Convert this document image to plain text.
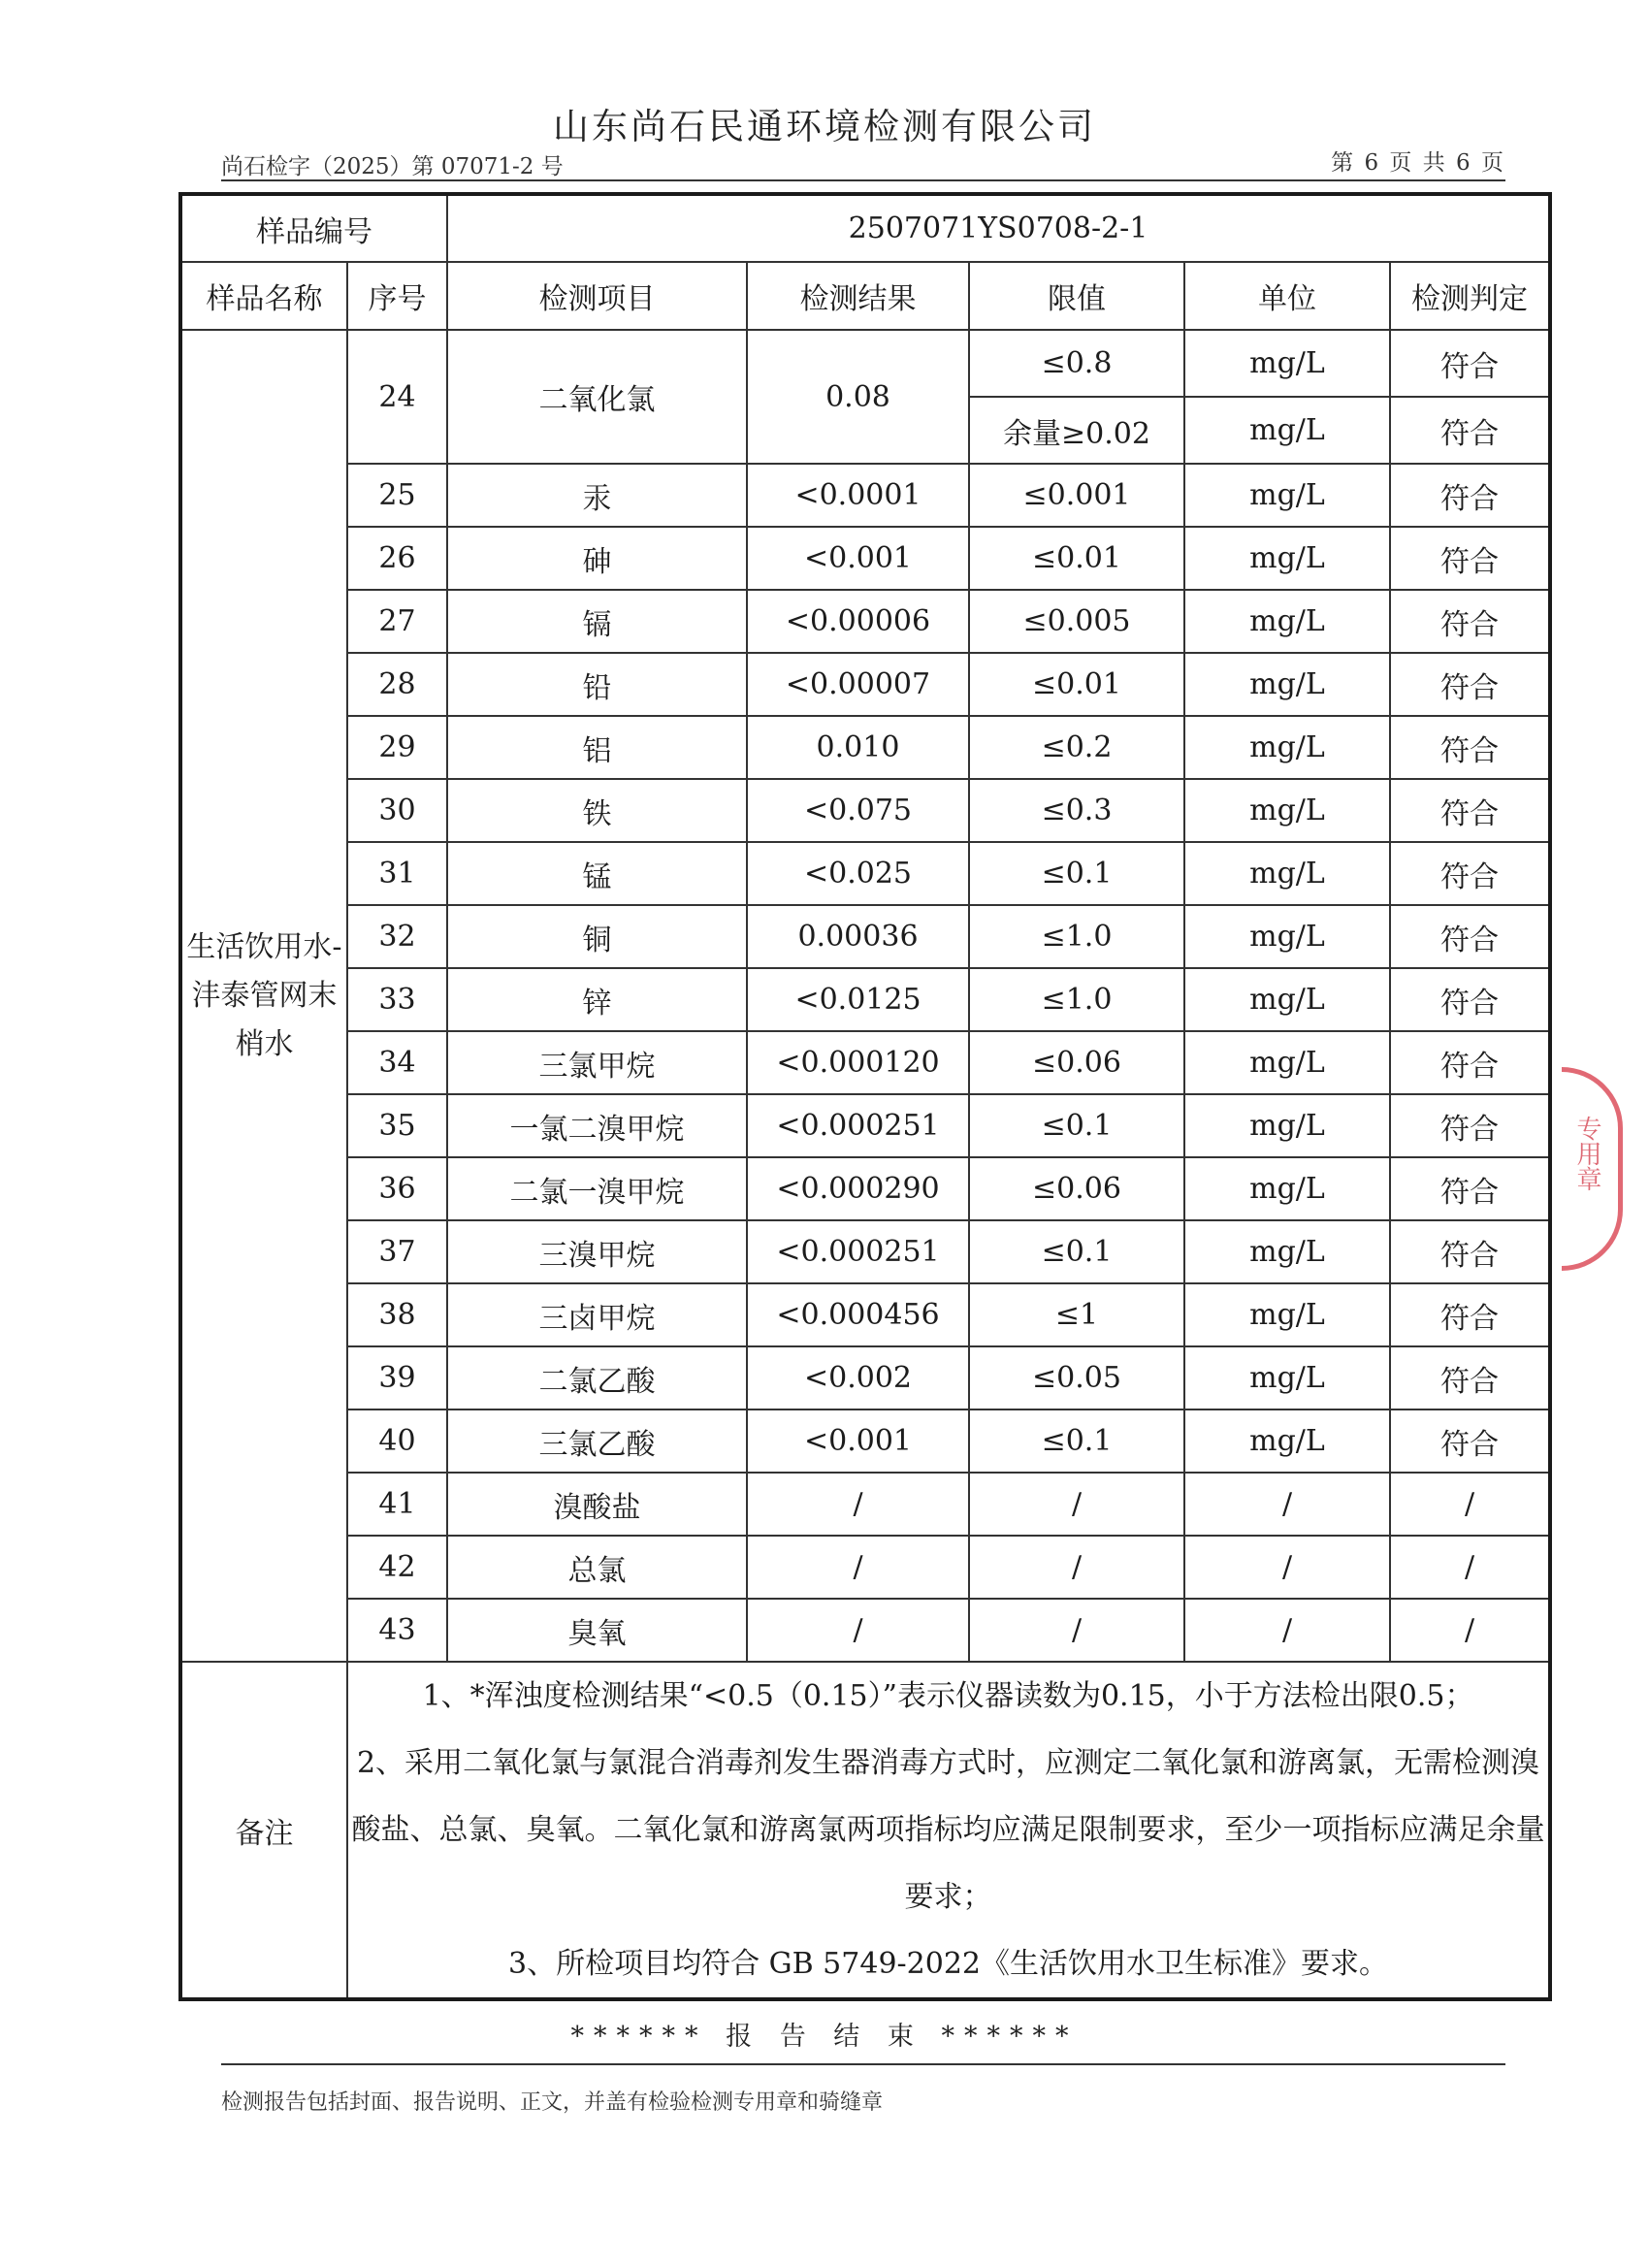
山东尚石民通环境检测有限公司
尚石检字（2025）第 07071-2 号	第 6 页 共 6 页
样品编号		2507071YS0708-2-1				
样品名称	序号	检测项目	检测结果	限值	单位	检测判定
生活饮用水-沣泰管网末梢水	24	二氧化氯	0.08	≤0.8	mg/L	符合
				余量≥0.02	mg/L	符合
	25	汞	<0.0001	≤0.001	mg/L	符合
	26	砷	<0.001	≤0.01	mg/L	符合
	27	镉	<0.00006	≤0.005	mg/L	符合
	28	铅	<0.00007	≤0.01	mg/L	符合
	29	铝	0.010	≤0.2	mg/L	符合
	30	铁	<0.075	≤0.3	mg/L	符合
	31	锰	<0.025	≤0.1	mg/L	符合
	32	铜	0.00036	≤1.0	mg/L	符合
	33	锌	<0.0125	≤1.0	mg/L	符合
	34	三氯甲烷	<0.000120	≤0.06	mg/L	符合
	35	一氯二溴甲烷	<0.000251	≤0.1	mg/L	符合
	36	二氯一溴甲烷	<0.000290	≤0.06	mg/L	符合
	37	三溴甲烷	<0.000251	≤0.1	mg/L	符合
	38	三卤甲烷	<0.000456	≤1	mg/L	符合
	39	二氯乙酸	<0.002	≤0.05	mg/L	符合
	40	三氯乙酸	<0.001	≤0.1	mg/L	符合
	41	溴酸盐	/	/	/	/
	42	总氯	/	/	/	/
	43	臭氧	/	/	/	/
备注	1、*浑浊度检测结果“<0.5（0.15）”表示仪器读数为0.15，小于方法检出限0.5；

2、采用二氧化氯与氯混合消毒剂发生器消毒方式时，应测定二氧化氯和游离氯，无需检测溴酸盐、总氯、臭氧。二氧化氯和游离氯两项指标均应满足限制要求，至少一项指标应满足余量要求；

3、所检项目均符合 GB 5749-2022《生活饮用水卫生标准》要求。					

专用章
****** 报 告 结 束 ******
检测报告包括封面、报告说明、正文，并盖有检验检测专用章和骑缝章
